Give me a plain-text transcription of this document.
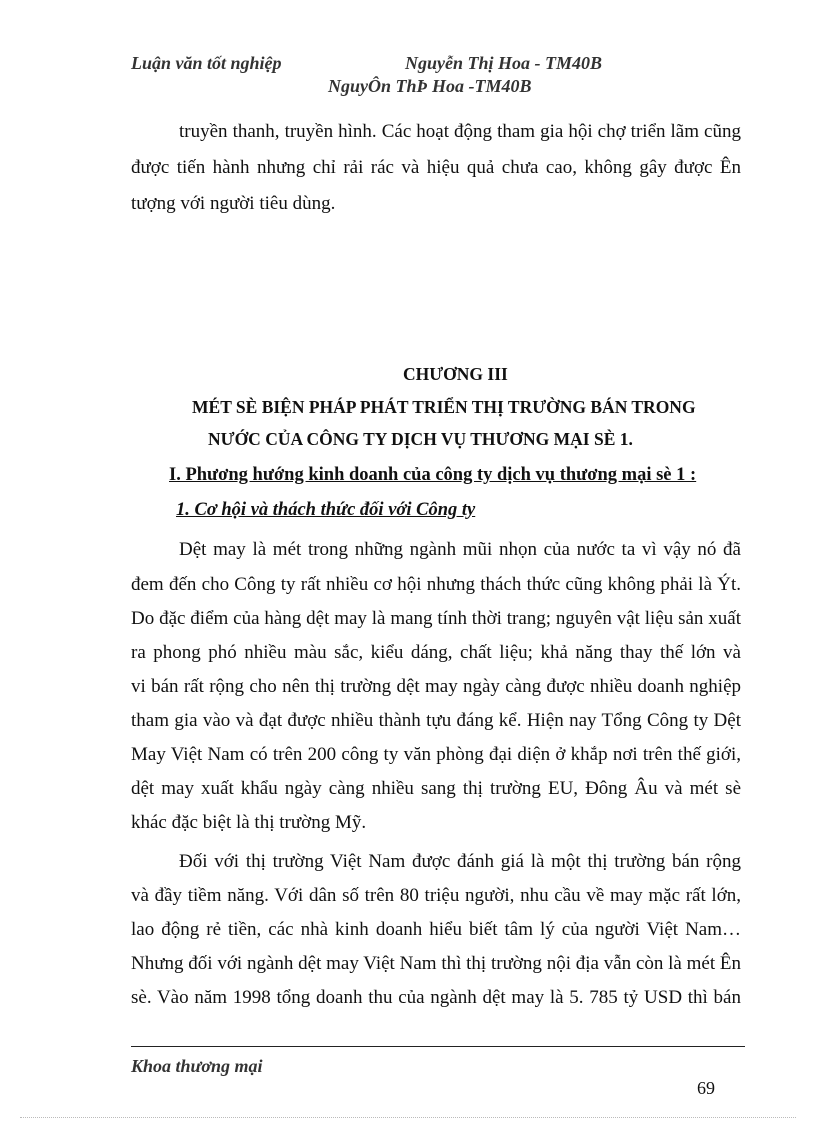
Luận văn tốt nghiệp	Nguyễn Thị Hoa - TM40B
NguyÔn ThÞ Hoa -TM40B
truyền thanh, truyền hình. Các hoạt động tham gia hội chợ triển lãm cũng
được tiến hành nhưng chỉ rải rác và hiệu quả chưa cao, không gây được Ên
tượng với người tiêu dùng.
CHƯƠNG III
MÉT SÈ BIỆN PHÁP PHÁT TRIỂN THỊ TRƯỜNG BÁN TRONG
NƯỚC CỦA CÔNG TY DỊCH VỤ THƯƠNG MẠI SÈ 1.
I. Phương hướng kinh doanh của công ty dịch vụ thương mại sè 1 :
1. Cơ hội và thách thức đối với Công ty
Dệt may là mét trong những ngành mũi nhọn của nước ta vì vậy nó đã
đem đến cho Công ty rất nhiều cơ hội nhưng thách thức cũng không phải là Ýt.
Do đặc điểm của hàng dệt may là mang tính thời trang; nguyên vật liệu sản xuất
ra phong phó nhiều màu sắc, kiểu dáng, chất liệu; khả năng thay thế lớn và
vi bán rất rộng cho nên thị trường dệt may ngày càng được nhiều doanh nghiệp
tham gia vào và đạt được nhiều thành tựu đáng kể. Hiện nay Tổng Công ty Dệt
May Việt Nam có trên 200 công ty văn phòng đại diện ở khắp nơi trên thế giới,
dệt may xuất khẩu ngày càng nhiều sang thị trường EU, Đông Âu và mét sè
khác đặc biệt là thị trường Mỹ.
Đối với thị trường Việt Nam được đánh giá là một thị trường bán rộng
và đầy tiềm năng. Với dân số trên 80 triệu người, nhu cầu về may mặc rất lớn,
lao động rẻ tiền, các nhà kinh doanh hiểu biết tâm lý của người Việt Nam…
Nhưng đối với ngành dệt may Việt Nam thì thị trường nội địa vẫn còn là mét Ên
sè. Vào năm 1998 tổng doanh thu của ngành dệt may là 5. 785 tỷ USD thì bán
Khoa thương mại
69
